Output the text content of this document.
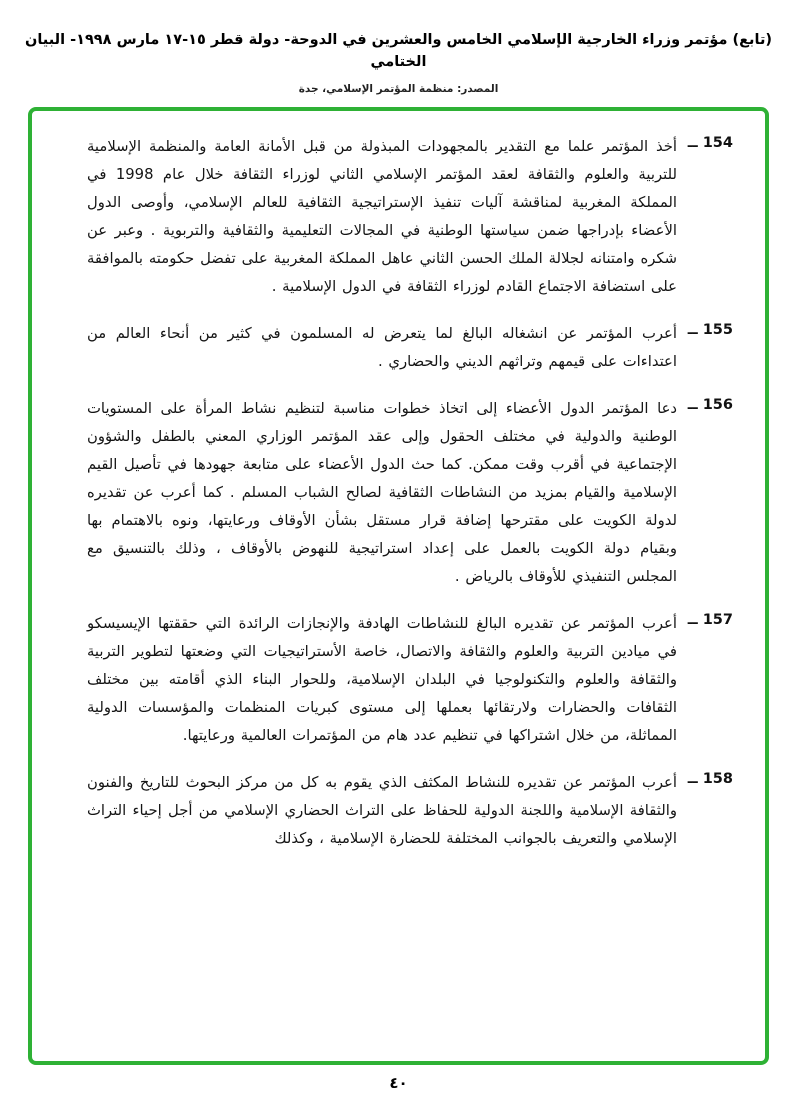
(تابع) مؤتمر وزراء الخارجية الإسلامي الخامس والعشرين في الدوحة- دولة قطر ١٥-١٧ مارس ١٩٩٨- البيان الختامي
المصدر: منظمة المؤتمر الإسلامي، جدة
154 ــ
أخذ المؤتمر علما مع التقدير بالمجهودات المبذولة من قبل الأمانة العامة والمنظمة الإسلامية للتربية والعلوم والثقافة لعقد المؤتمر الإسلامي الثاني لوزراء الثقافة خلال عام 1998 في المملكة المغربية لمناقشة آليات تنفيذ الإستراتيجية الثقافية للعالم الإسلامي، وأوصى الدول الأعضاء بإدراجها ضمن سياستها الوطنية في المجالات التعليمية والثقافية والتربوية . وعبر عن شكره وامتنانه لجلالة الملك الحسن الثاني عاهل المملكة المغربية على تفضل حكومته بالموافقة على استضافة الاجتماع القادم لوزراء الثقافة في الدول الإسلامية .
155 ــ
أعرب المؤتمر عن انشغاله البالغ لما يتعرض له المسلمون في كثير من أنحاء العالم من اعتداءات على قيمهم وتراثهم الديني والحضاري .
156 ــ
دعا المؤتمر الدول الأعضاء إلى اتخاذ خطوات مناسبة لتنظيم نشاط المرأة على المستويات الوطنية والدولية في مختلف الحقول وإلى عقد المؤتمر الوزاري المعني بالطفل والشؤون الإجتماعية في أقرب وقت ممكن. كما حث الدول الأعضاء على متابعة جهودها في تأصيل القيم الإسلامية والقيام بمزيد من النشاطات الثقافية لصالح الشباب المسلم . كما أعرب عن تقديره لدولة الكويت على مقترحها إضافة قرار مستقل بشأن الأوقاف ورعايتها، ونوه بالاهتمام بها وبقيام دولة الكويت بالعمل على إعداد استراتيجية للنهوض بالأوقاف ، وذلك بالتنسيق مع المجلس التنفيذي للأوقاف بالرياض .
157 ــ
أعرب المؤتمر عن تقديره البالغ للنشاطات الهادفة والإنجازات الرائدة التي حققتها الإيسيسكو في ميادين التربية والعلوم والثقافة والاتصال، خاصة الأستراتيجيات التي وضعتها لتطوير التربية والثقافة والعلوم والتكنولوجيا في البلدان الإسلامية، وللحوار البناء الذي أقامته بين مختلف الثقافات والحضارات ولارتقائها بعملها إلى مستوى كبريات المنظمات والمؤسسات الدولية المماثلة، من خلال اشتراكها في تنظيم عدد هام من المؤتمرات العالمية ورعايتها.
158 ــ
أعرب المؤتمر عن تقديره للنشاط المكثف الذي يقوم به كل من مركز البحوث للتاريخ والفنون والثقافة الإسلامية واللجنة الدولية للحفاظ على التراث الحضاري الإسلامي من أجل إحياء التراث الإسلامي والتعريف بالجوانب المختلفة للحضارة الإسلامية ، وكذلك
٤٠
